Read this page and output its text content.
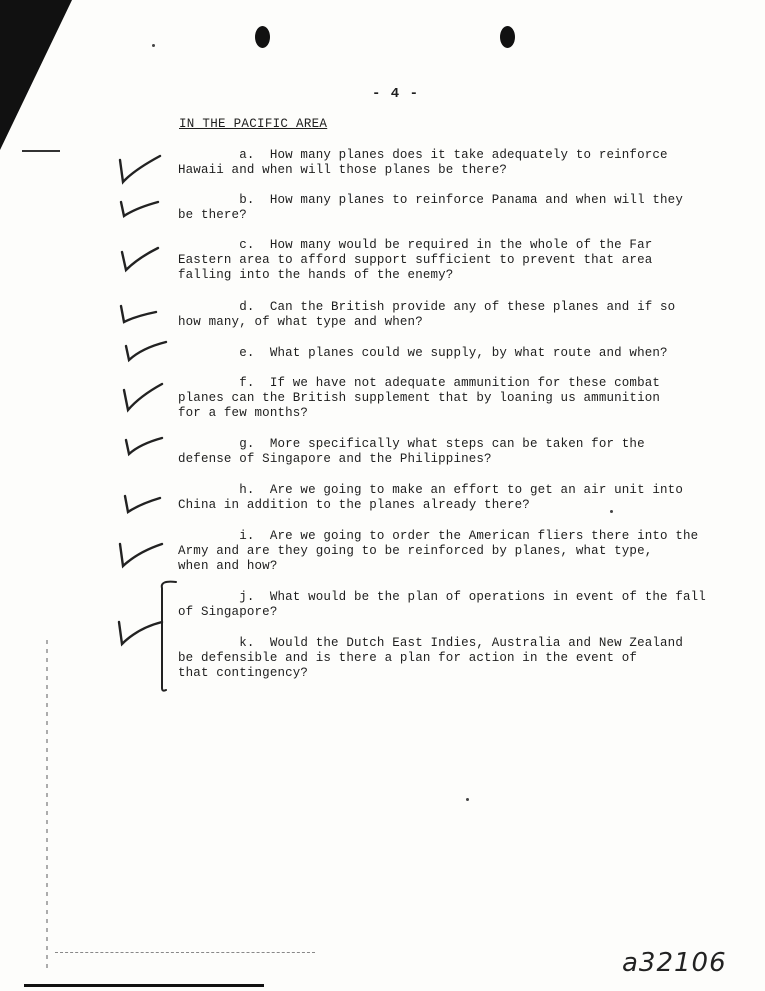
- 4 -
IN THE PACIFIC AREA
a.  How many planes does it take adequately to reinforce
Hawaii and when will those planes be there?
b.  How many planes to reinforce Panama and when will they
be there?
c.  How many would be required in the whole of the Far
Eastern area to afford support sufficient to prevent that area
falling into the hands of the enemy?
d.  Can the British provide any of these planes and if so
how many, of what type and when?
e.  What planes could we supply, by what route and when?
f.  If we have not adequate ammunition for these combat
planes can the British supplement that by loaning us ammunition
for a few months?
g.  More specifically what steps can be taken for the
defense of Singapore and the Philippines?
h.  Are we going to make an effort to get an air unit into
China in addition to the planes already there?
i.  Are we going to order the American fliers there into the
Army and are they going to be reinforced by planes, what type,
when and how?
j.  What would be the plan of operations in event of the fall
of Singapore?
k.  Would the Dutch East Indies, Australia and New Zealand
be defensible and is there a plan for action in the event of
that contingency?
a32106
